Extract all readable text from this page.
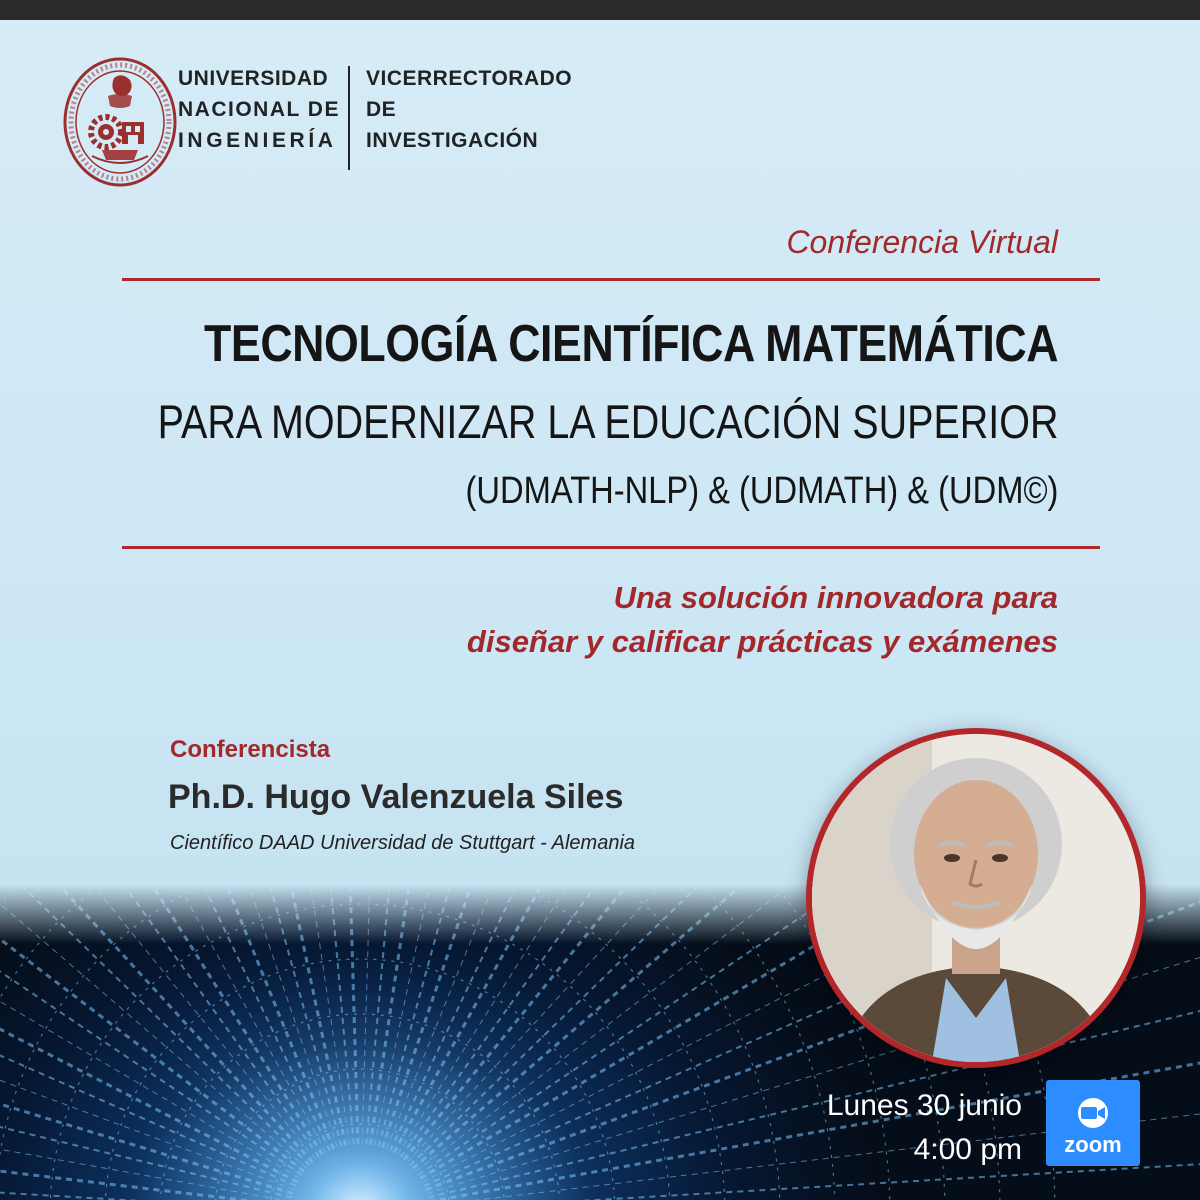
UNIVERSIDAD
NACIONAL DE
INGENIERÍA
VICERRECTORADO
DE
INVESTIGACIÓN
Conferencia Virtual
TECNOLOGÍA CIENTÍFICA MATEMÁTICA
PARA MODERNIZAR LA EDUCACIÓN SUPERIOR
(UDMATH-NLP) & (UDMATH) & (UDM©)
Una solución innovadora para
diseñar y calificar prácticas y exámenes
Conferencista
Ph.D. Hugo Valenzuela Siles
Científico DAAD Universidad de Stuttgart - Alemania
Lunes 30 junio
4:00 pm	zoom
